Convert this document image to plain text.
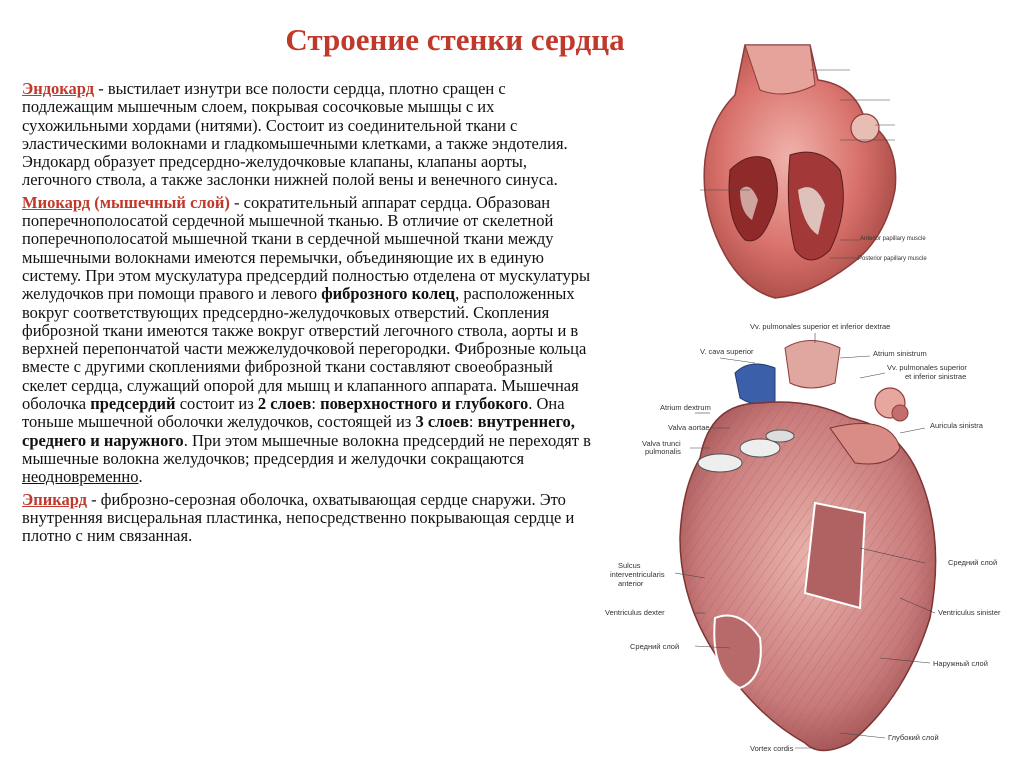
Строение стенки сердца

Эндокард - выстилает изнутри все полости сердца, плотно сращен с подлежащим мышечным слоем, покрывая сосочковые мышцы с их сухожильными хордами (нитями). Состоит из соединительной ткани с эластическими волокнами и гладкомышечными клетками, а также эндотелия. Эндокард образует предсердно-желудочковые клапаны, клапаны аорты, легочного ствола, а также заслонки нижней полой вены и венечного синуса.

Миокард (мышечный слой) - сократительный аппарат сердца. Образован поперечнополосатой сердечной мышечной тканью. В отличие от скелетной поперечнополосатой мышечной ткани в сердечной мышечной ткани между мышечными волокнами имеются перемычки, объединяющие их в единую систему. При этом мускулатура предсердий полностью отделена от мускулатуры желудочков при помощи правого и левого фиброзного колец, расположенных вокруг соответствующих предсердно-желудочковых отверстий. Скопления фиброзной ткани имеются также вокруг отверстий легочного ствола, аорты и в верхней перепончатой части межжелудочковой перегородки. Фиброзные кольца вместе с другими скоплениями фиброзной ткани составляют своеобразный скелет сердца, служащий опорой для мышц и клапанного аппарата. Мышечная оболочка предсердий состоит из 2 слоев: поверхностного и глубокого. Она тоньше мышечной оболочки желудочков, состоящей из 3 слоев: внутреннего, среднего и наружного. При этом мышечные волокна предсердий не переходят в мышечные волокна желудочков; предсердия и желудочки сокращаются неодновременно.

Эпикард - фиброзно-серозная оболочка, охватывающая сердце снаружи. Это внутренняя висцеральная пластинка, непосредственно покрывающая сердце и плотно с ним связанная.

Anterior papillary muscle
Posterior papillary muscle
Vv. pulmonales superior et inferior dextrae
V. cava superior	Atrium sinistrum
Vv. pulmonales superior
et inferior sinistrae
Atrium dextrum
Valva aortae
Valva trunci
pulmonalis
Auricula sinistra
Sulcus
interventricularis
anterior
Средний слой
Ventriculus dexter	Ventriculus sinister
Средний слой
Наружный слой
Vortex cordis
Глубокий слой
